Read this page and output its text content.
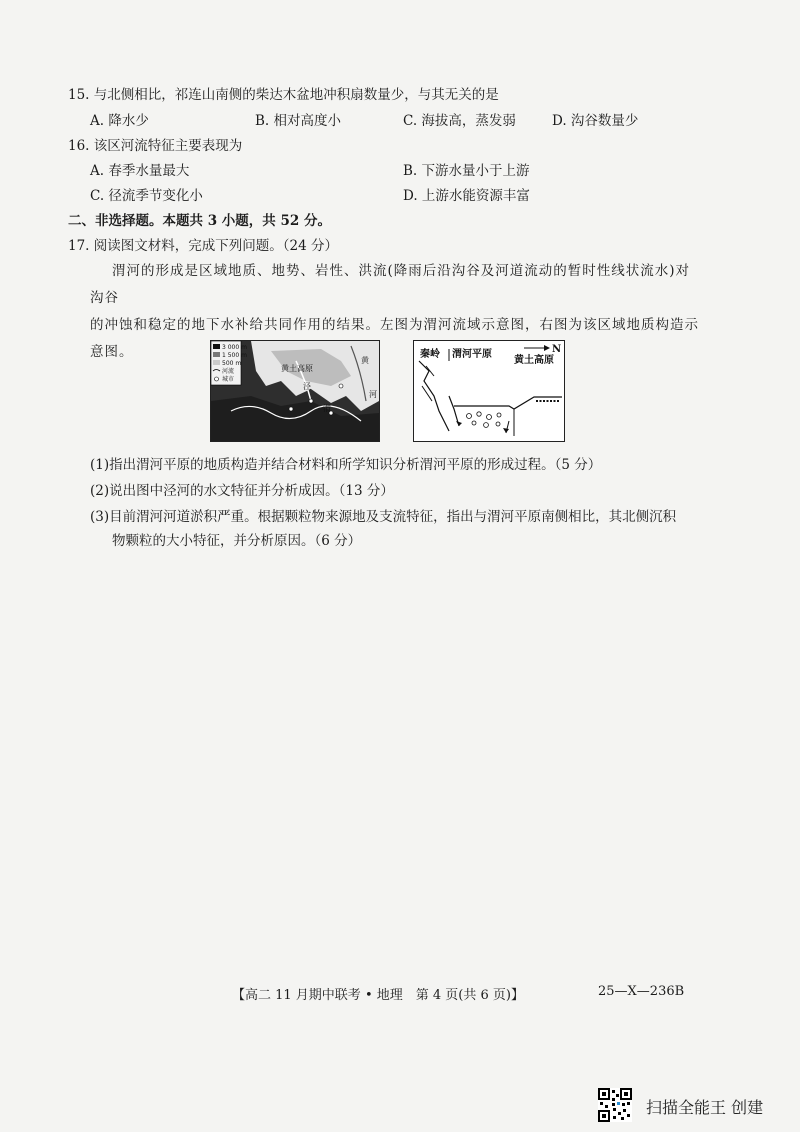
15. 与北侧相比，祁连山南侧的柴达木盆地冲积扇数量少，与其无关的是
A. 降水少	B. 相对高度小	C. 海拔高，蒸发弱	D. 沟谷数量少
16. 该区河流特征主要表现为
A. 春季水量最大	B. 下游水量小于上游
C. 径流季节变化小	D. 上游水能资源丰富
二、非选择题。本题共 3 小题，共 52 分。
17. 阅读图文材料，完成下列问题。（24 分）
渭河的形成是区域地质、地势、岩性、洪流(降雨后沿沟谷及河道流动的暂时性线状流水)对沟谷
的冲蚀和稳定的地下水补给共同作用的结果。左图为渭河流域示意图，右图为该区域地质构造示
意图。	3 000 m
1 500 m
500 m
河流
城市
黄土高原
黄
泾
渭
河
N
秦岭 渭河平原
黄土高原
(1)指出渭河平原的地质构造并结合材料和所学知识分析渭河平原的形成过程。（5 分）
(2)说出图中泾河的水文特征并分析成因。（13 分）
(3)目前渭河河道淤积严重。根据颗粒物来源地及支流特征，指出与渭河平原南侧相比，其北侧沉积
物颗粒的大小特征，并分析原因。（6 分）
【高二 11 月期中联考 • 地理　第 4 页(共 6 页)】	25—X—236B
扫描全能王 创建
